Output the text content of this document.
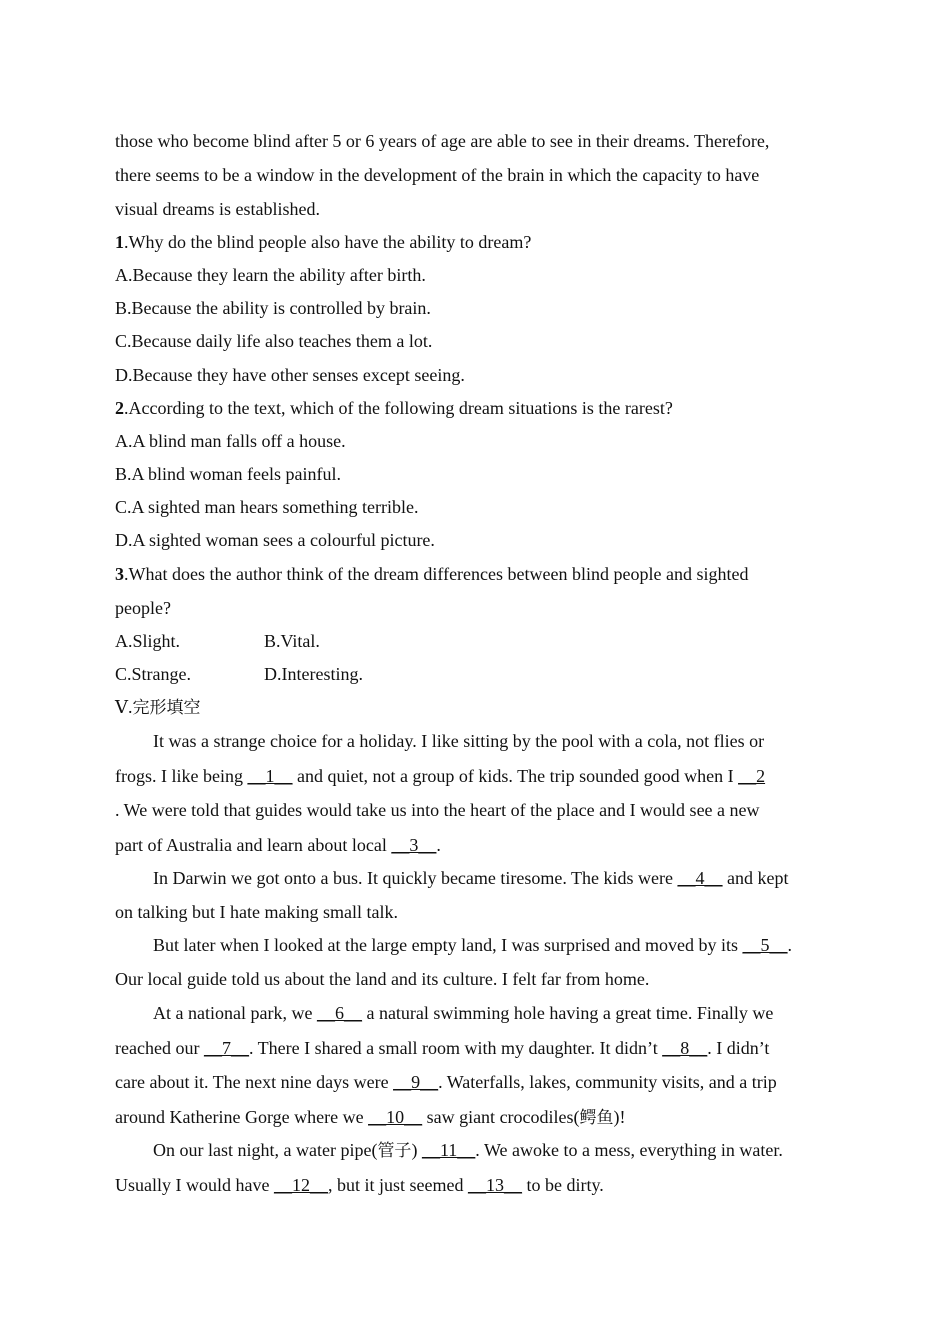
those who become blind after 5 or 6 years of age are able to see in their dreams. Therefore,
there seems to be a window in the development of the brain in which the capacity to have
visual dreams is established.
1.Why do the blind people also have the ability to dream?
A.Because they learn the ability after birth.
B.Because the ability is controlled by brain.
C.Because daily life also teaches them a lot.
D.Because they have other senses except seeing.
2.According to the text, which of the following dream situations is the rarest?
A.A blind man falls off a house.
B.A blind woman feels painful.
C.A sighted man hears something terrible.
D.A sighted woman sees a colourful picture.
3.What does the author think of the dream differences between blind people and sighted
people?
A.Slight.	B.Vital.
C.Strange.	D.Interesting.
Ⅴ.完形填空
It was a strange choice for a holiday. I like sitting by the pool with a cola, not flies or
frogs. I like being __1__ and quiet, not a group of kids. The trip sounded good when I __2
. We were told that guides would take us into the heart of the place and I would see a new
part of Australia and learn about local __3__.
In Darwin we got onto a bus. It quickly became tiresome. The kids were __4__ and kept
on talking but I hate making small talk.
But later when I looked at the large empty land, I was surprised and moved by its __5__.
Our local guide told us about the land and its culture. I felt far from home.
At a national park, we __6__ a natural swimming hole having a great time. Finally we
reached our __7__. There I shared a small room with my daughter. It didn’t __8__. I didn’t
care about it. The next nine days were __9__. Waterfalls, lakes, community visits, and a trip
around Katherine Gorge where we __10__ saw giant crocodiles(鳄鱼)!
On our last night, a water pipe(管子) __11__. We awoke to a mess, everything in water.
Usually I would have __12__, but it just seemed __13__ to be dirty.
